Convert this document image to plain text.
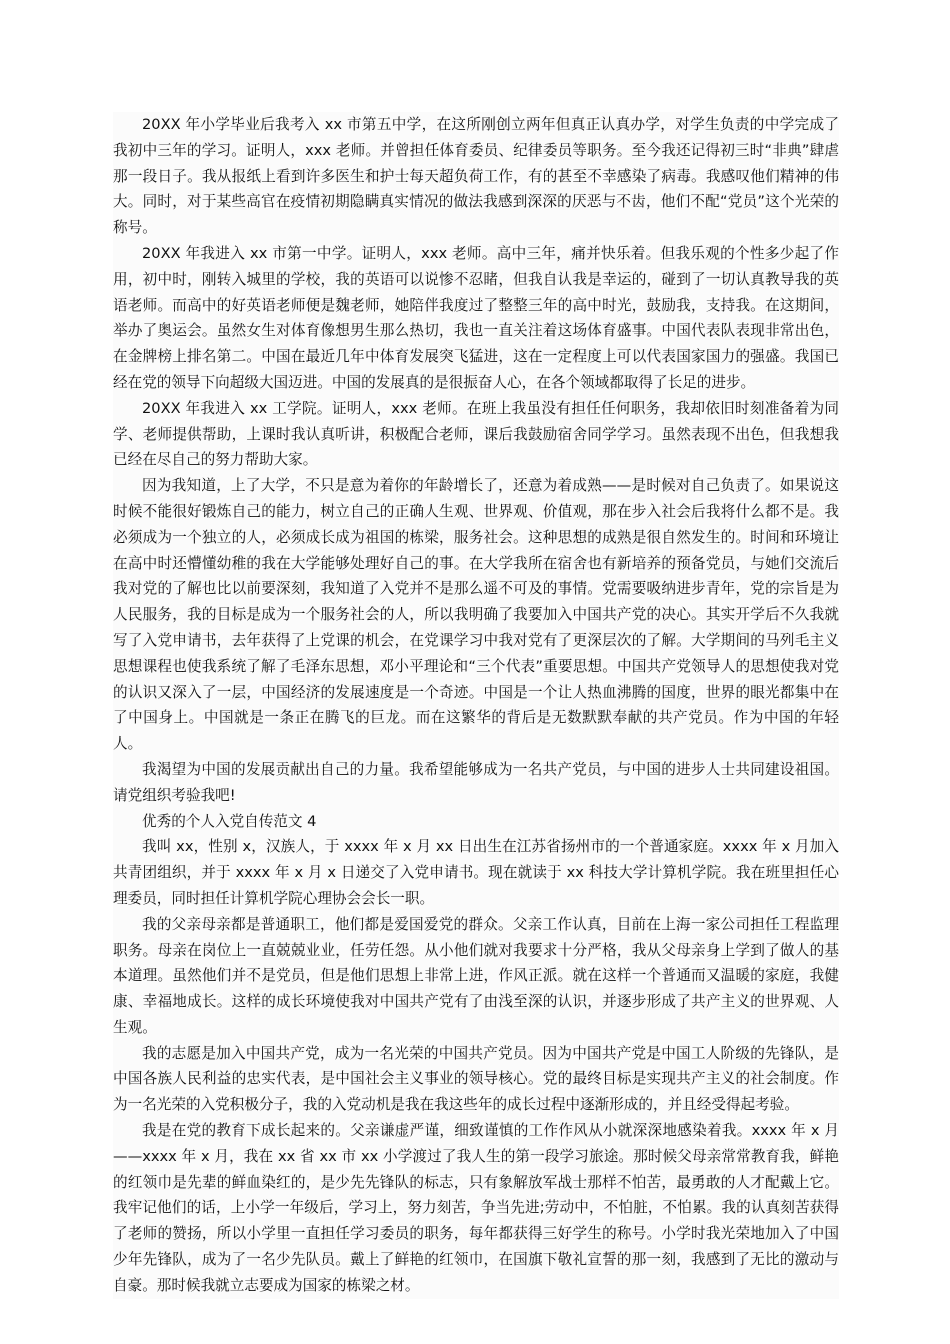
20XX 年小学毕业后我考入 xx 市第五中学，在这所刚创立两年但真正认真办学，对学生负责的中学完成了我初中三年的学习。证明人，xxx 老师。并曾担任体育委员、纪律委员等职务。至今我还记得初三时“非典”肆虐那一段日子。我从报纸上看到许多医生和护士每天超负荷工作，有的甚至不幸感染了病毒。我感叹他们精神的伟大。同时，对于某些高官在疫情初期隐瞒真实情况的做法我感到深深的厌恶与不齿，他们不配“党员”这个光荣的称号。

20XX 年我进入 xx 市第一中学。证明人，xxx 老师。高中三年，痛并快乐着。但我乐观的个性多少起了作用，初中时，刚转入城里的学校，我的英语可以说惨不忍睹，但我自认我是幸运的，碰到了一切认真教导我的英语老师。而高中的好英语老师便是魏老师，她陪伴我度过了整整三年的高中时光，鼓励我，支持我。在这期间，举办了奥运会。虽然女生对体育像想男生那么热切，我也一直关注着这场体育盛事。中国代表队表现非常出色，在金牌榜上排名第二。中国在最近几年中体育发展突飞猛进，这在一定程度上可以代表国家国力的强盛。我国已经在党的领导下向超级大国迈进。中国的发展真的是很振奋人心，在各个领域都取得了长足的进步。

20XX 年我进入 xx 工学院。证明人，xxx 老师。在班上我虽没有担任任何职务，我却依旧时刻准备着为同学、老师提供帮助，上课时我认真听讲，积极配合老师，课后我鼓励宿舍同学学习。虽然表现不出色，但我想我已经在尽自己的努力帮助大家。

因为我知道，上了大学，不只是意为着你的年龄增长了，还意为着成熟——是时候对自己负责了。如果说这时候不能很好锻炼自己的能力，树立自己的正确人生观、世界观、价值观，那在步入社会后我将什么都不是。我必须成为一个独立的人，必须成长成为祖国的栋梁，服务社会。这种思想的成熟是很自然发生的。时间和环境让在高中时还懵懂幼稚的我在大学能够处理好自己的事。在大学我所在宿舍也有新培养的预备党员，与她们交流后我对党的了解也比以前要深刻，我知道了入党并不是那么遥不可及的事情。党需要吸纳进步青年，党的宗旨是为人民服务，我的目标是成为一个服务社会的人，所以我明确了我要加入中国共产党的决心。其实开学后不久我就写了入党申请书，去年获得了上党课的机会，在党课学习中我对党有了更深层次的了解。大学期间的马列毛主义思想课程也使我系统了解了毛泽东思想，邓小平理论和“三个代表”重要思想。中国共产党领导人的思想使我对党的认识又深入了一层，中国经济的发展速度是一个奇迹。中国是一个让人热血沸腾的国度，世界的眼光都集中在了中国身上。中国就是一条正在腾飞的巨龙。而在这繁华的背后是无数默默奉献的共产党员。作为中国的年轻人。

我渴望为中国的发展贡献出自己的力量。我希望能够成为一名共产党员，与中国的进步人士共同建设祖国。请党组织考验我吧!

优秀的个人入党自传范文 4

我叫 xx，性别 x，汉族人，于 xxxx 年 x 月 xx 日出生在江苏省扬州市的一个普通家庭。xxxx 年 x 月加入共青团组织，并于 xxxx 年 x 月 x 日递交了入党申请书。现在就读于 xx 科技大学计算机学院。我在班里担任心理委员，同时担任计算机学院心理协会会长一职。

我的父亲母亲都是普通职工，他们都是爱国爱党的群众。父亲工作认真，目前在上海一家公司担任工程监理职务。母亲在岗位上一直兢兢业业，任劳任怨。从小他们就对我要求十分严格，我从父母亲身上学到了做人的基本道理。虽然他们并不是党员，但是他们思想上非常上进，作风正派。就在这样一个普通而又温暖的家庭，我健康、幸福地成长。这样的成长环境使我对中国共产党有了由浅至深的认识，并逐步形成了共产主义的世界观、人生观。

我的志愿是加入中国共产党，成为一名光荣的中国共产党员。因为中国共产党是中国工人阶级的先锋队，是中国各族人民利益的忠实代表，是中国社会主义事业的领导核心。党的最终目标是实现共产主义的社会制度。作为一名光荣的入党积极分子，我的入党动机是我在我这些年的成长过程中逐渐形成的，并且经受得起考验。

我是在党的教育下成长起来的。父亲谦虚严谨，细致谨慎的工作作风从小就深深地感染着我。xxxx 年 x 月——xxxx 年 x 月，我在 xx 省 xx 市 xx 小学渡过了我人生的第一段学习旅途。那时候父母亲常常教育我，鲜艳的红领巾是先辈的鲜血染红的，是少先先锋队的标志，只有象解放军战士那样不怕苦，最勇敢的人才配戴上它。我牢记他们的话，上小学一年级后，学习上，努力刻苦，争当先进;劳动中，不怕脏，不怕累。我的认真刻苦获得了老师的赞扬，所以小学里一直担任学习委员的职务，每年都获得三好学生的称号。小学时我光荣地加入了中国少年先锋队，成为了一名少先队员。戴上了鲜艳的红领巾，在国旗下敬礼宣誓的那一刻，我感到了无比的激动与自豪。那时候我就立志要成为国家的栋梁之材。
